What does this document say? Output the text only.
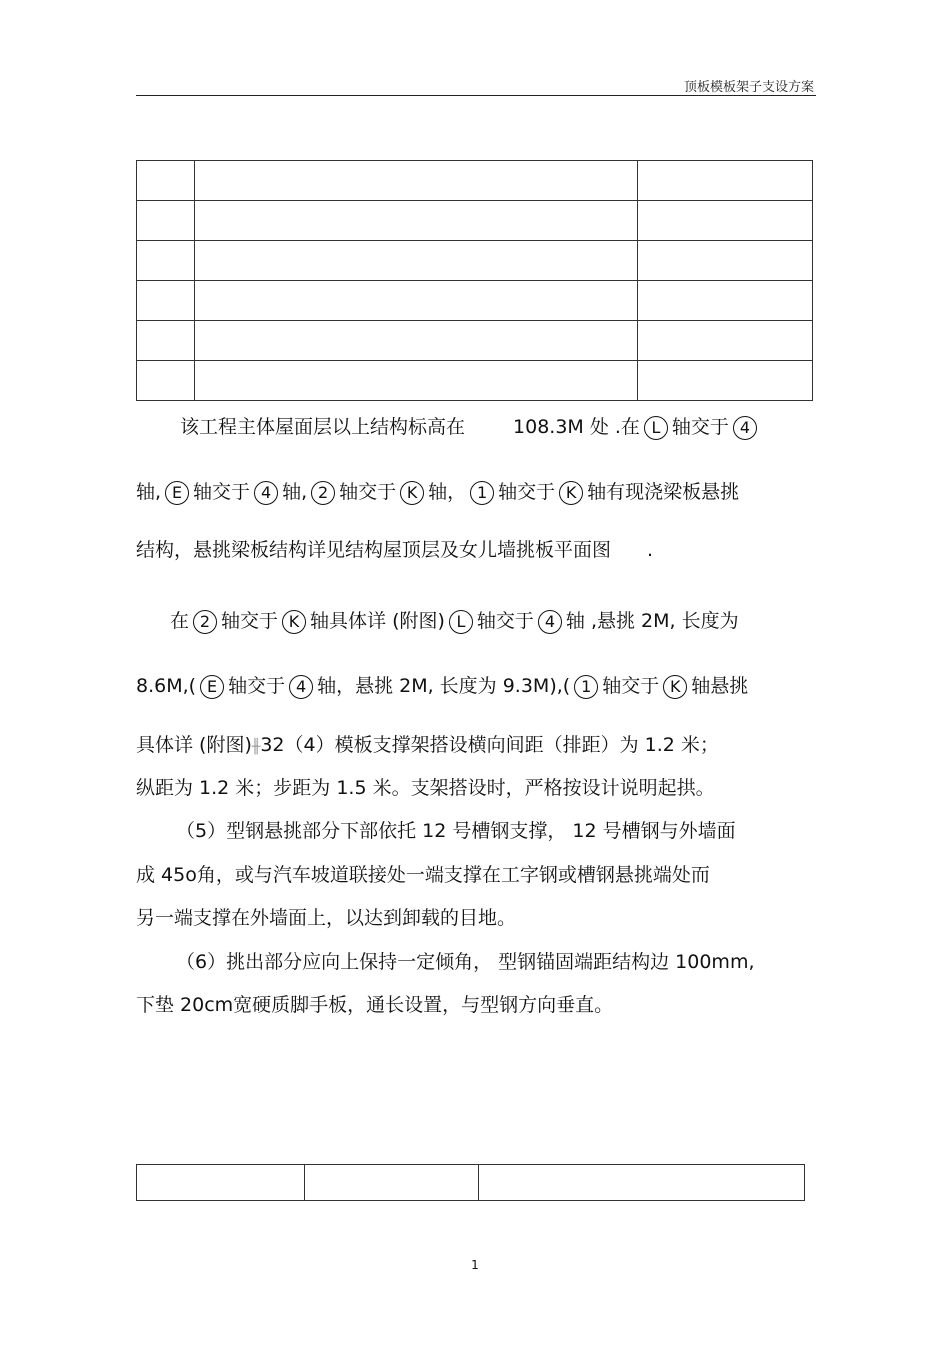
顶板模板架子支设方案

该工程主体屋面层以上结构标高在	108.3M 处 .在 L 轴交于 4
轴, E 轴交于 4 轴, 2 轴交于 K 轴， 1 轴交于 K 轴有现浇梁板悬挑
结构，悬挑梁板结构详见结构屋顶层及女儿墙挑板平面图 .
在 2 轴交于 K 轴具体详 (附图) L 轴交于 4 轴 ,悬挑 2M, 长度为
8.6M,( E 轴交于 4 轴，悬挑 2M, 长度为 9.3M),( 1 轴交于 K 轴悬挑
具体详 (附图)╫32（4）模板支撑架搭设横向间距（排距）为 1.2 米；
纵距为 1.2 米；步距为 1.5 米。支架搭设时，严格按设计说明起拱。
（5）型钢悬挑部分下部依托 12 号槽钢支撑， 12 号槽钢与外墙面
成 45o角，或与汽车坡道联接处一端支撑在工字钢或槽钢悬挑端处而
另一端支撑在外墙面上，以达到卸载的目地。
（6）挑出部分应向上保持一定倾角， 型钢锚固端距结构边 100mm,
下垫 20cm宽硬质脚手板，通长设置，与型钢方向垂直。

1
